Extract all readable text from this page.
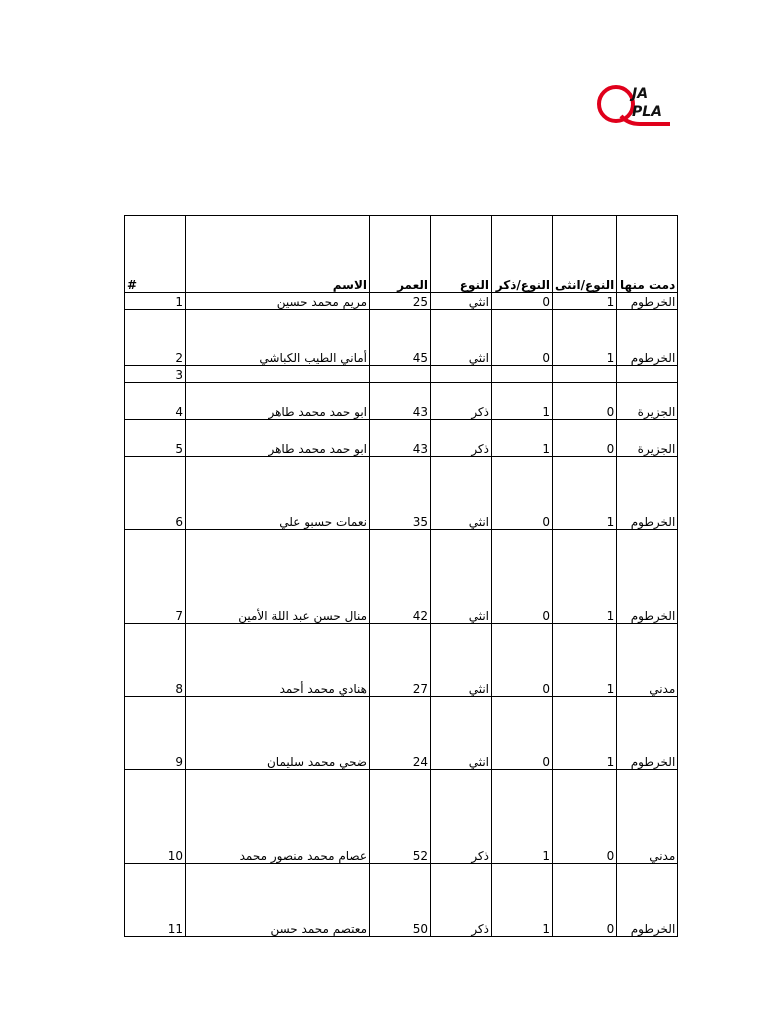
JA
PLA
#	الاسم	العمر	النوع	النوع/ذكر	النوع/انثى	دمت منها
1	مريم محمد حسين	25	انثي	0	1	الخرطوم
2	أماني الطيب الكباشي	45	انثي	0	1	الخرطوم
3						
4	ابو حمد محمد طاهر	43	ذكر	1	0	الجزيرة
5	ابو حمد محمد طاهر	43	ذكر	1	0	الجزيرة
6	نعمات حسبو علي	35	انثي	0	1	الخرطوم
7	منال حسن عبد اللة الأمين	42	انثي	0	1	الخرطوم
8	هنادي محمد أحمد	27	انثي	0	1	مدني
9	ضحي محمد سليمان	24	انثي	0	1	الخرطوم
10	عصام محمد منصور محمد	52	ذكر	1	0	مدني
11	معتصم محمد حسن	50	ذكر	1	0	الخرطوم
